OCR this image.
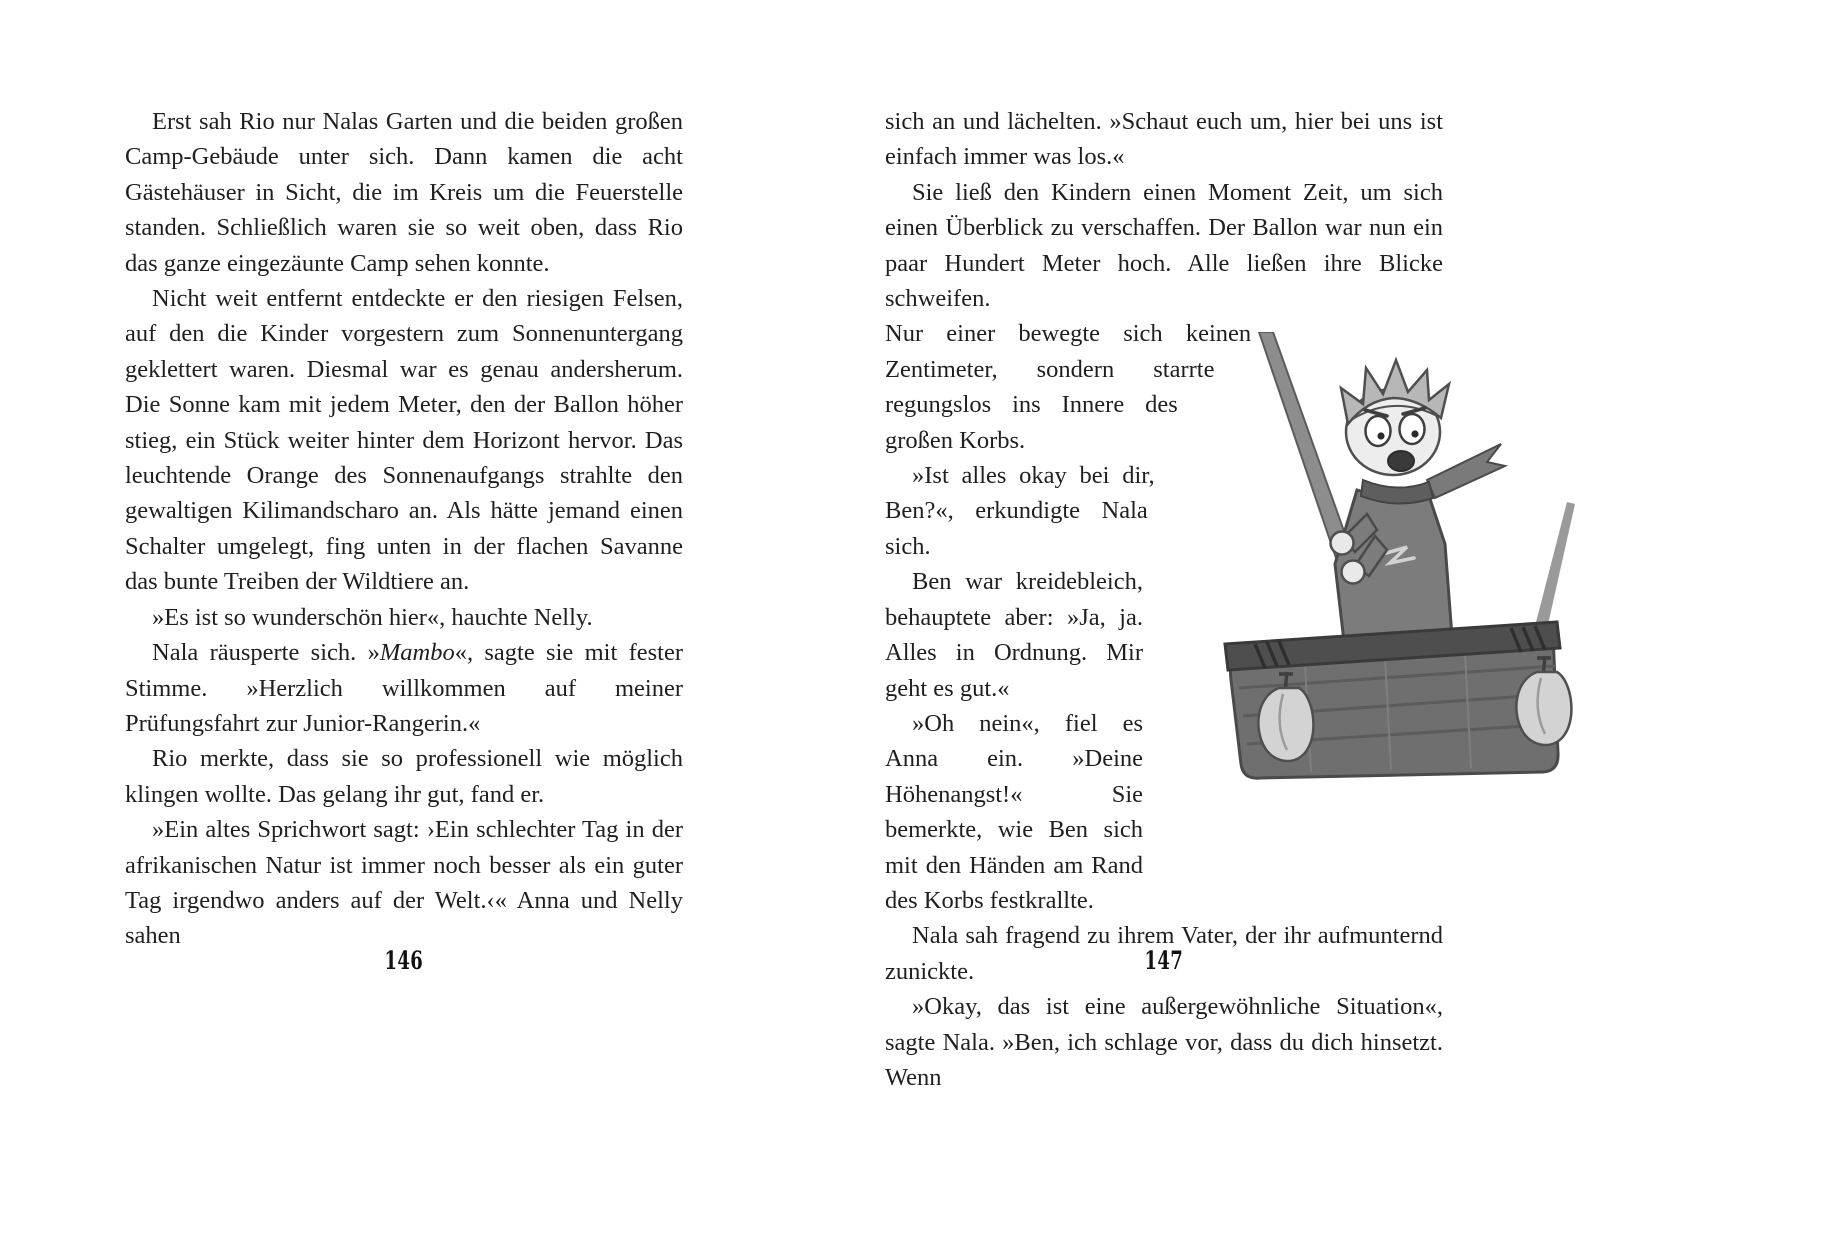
Erst sah Rio nur Nalas Garten und die beiden großen Camp-Gebäude unter sich. Dann kamen die acht Gästehäuser in Sicht, die im Kreis um die Feuerstelle standen. Schließlich waren sie so weit oben, dass Rio das ganze eingezäunte Camp sehen konnte.

Nicht weit entfernt entdeckte er den riesigen Felsen, auf den die Kinder vorgestern zum Sonnenuntergang geklettert waren. Diesmal war es genau andersherum. Die Sonne kam mit jedem Meter, den der Ballon höher stieg, ein Stück weiter hinter dem Horizont hervor. Das leuchtende Orange des Sonnenaufgangs strahlte den gewaltigen Kilimandscharo an. Als hätte jemand einen Schalter umgelegt, fing unten in der flachen Savanne das bunte Treiben der Wildtiere an.

»Es ist so wunderschön hier«, hauchte Nelly.

Nala räusperte sich. »Mambo«, sagte sie mit fester Stimme. »Herzlich willkommen auf meiner Prüfungsfahrt zur Junior-Rangerin.«

Rio merkte, dass sie so professionell wie möglich klingen wollte. Das gelang ihr gut, fand er.

»Ein altes Sprichwort sagt: ›Ein schlechter Tag in der afrikanischen Natur ist immer noch besser als ein guter Tag irgendwo anders auf der Welt.‹« Anna und Nelly sahen

146

sich an und lächelten. »Schaut euch um, hier bei uns ist einfach immer was los.«

Sie ließ den Kindern einen Moment Zeit, um sich einen Überblick zu verschaffen. Der Ballon war nun ein paar Hundert Meter hoch. Alle ließen ihre Blicke schweifen.

Nur einer bewegte sich keinen Zentimeter, sondern starrte regungslos ins Innere des großen Korbs.

»Ist alles okay bei dir, Ben?«, erkundigte Nala sich.

Ben war kreidebleich, behauptete aber: »Ja, ja. Alles in Ordnung. Mir geht es gut.«

»Oh nein«, fiel es Anna ein. »Deine Höhenangst!« Sie bemerkte, wie Ben sich mit den Händen am Rand des Korbs festkrallte.

Nala sah fragend zu ihrem Vater, der ihr aufmunternd zunickte.

»Okay, das ist eine außergewöhnliche Situation«, sagte Nala. »Ben, ich schlage vor, dass du dich hinsetzt. Wenn

147
